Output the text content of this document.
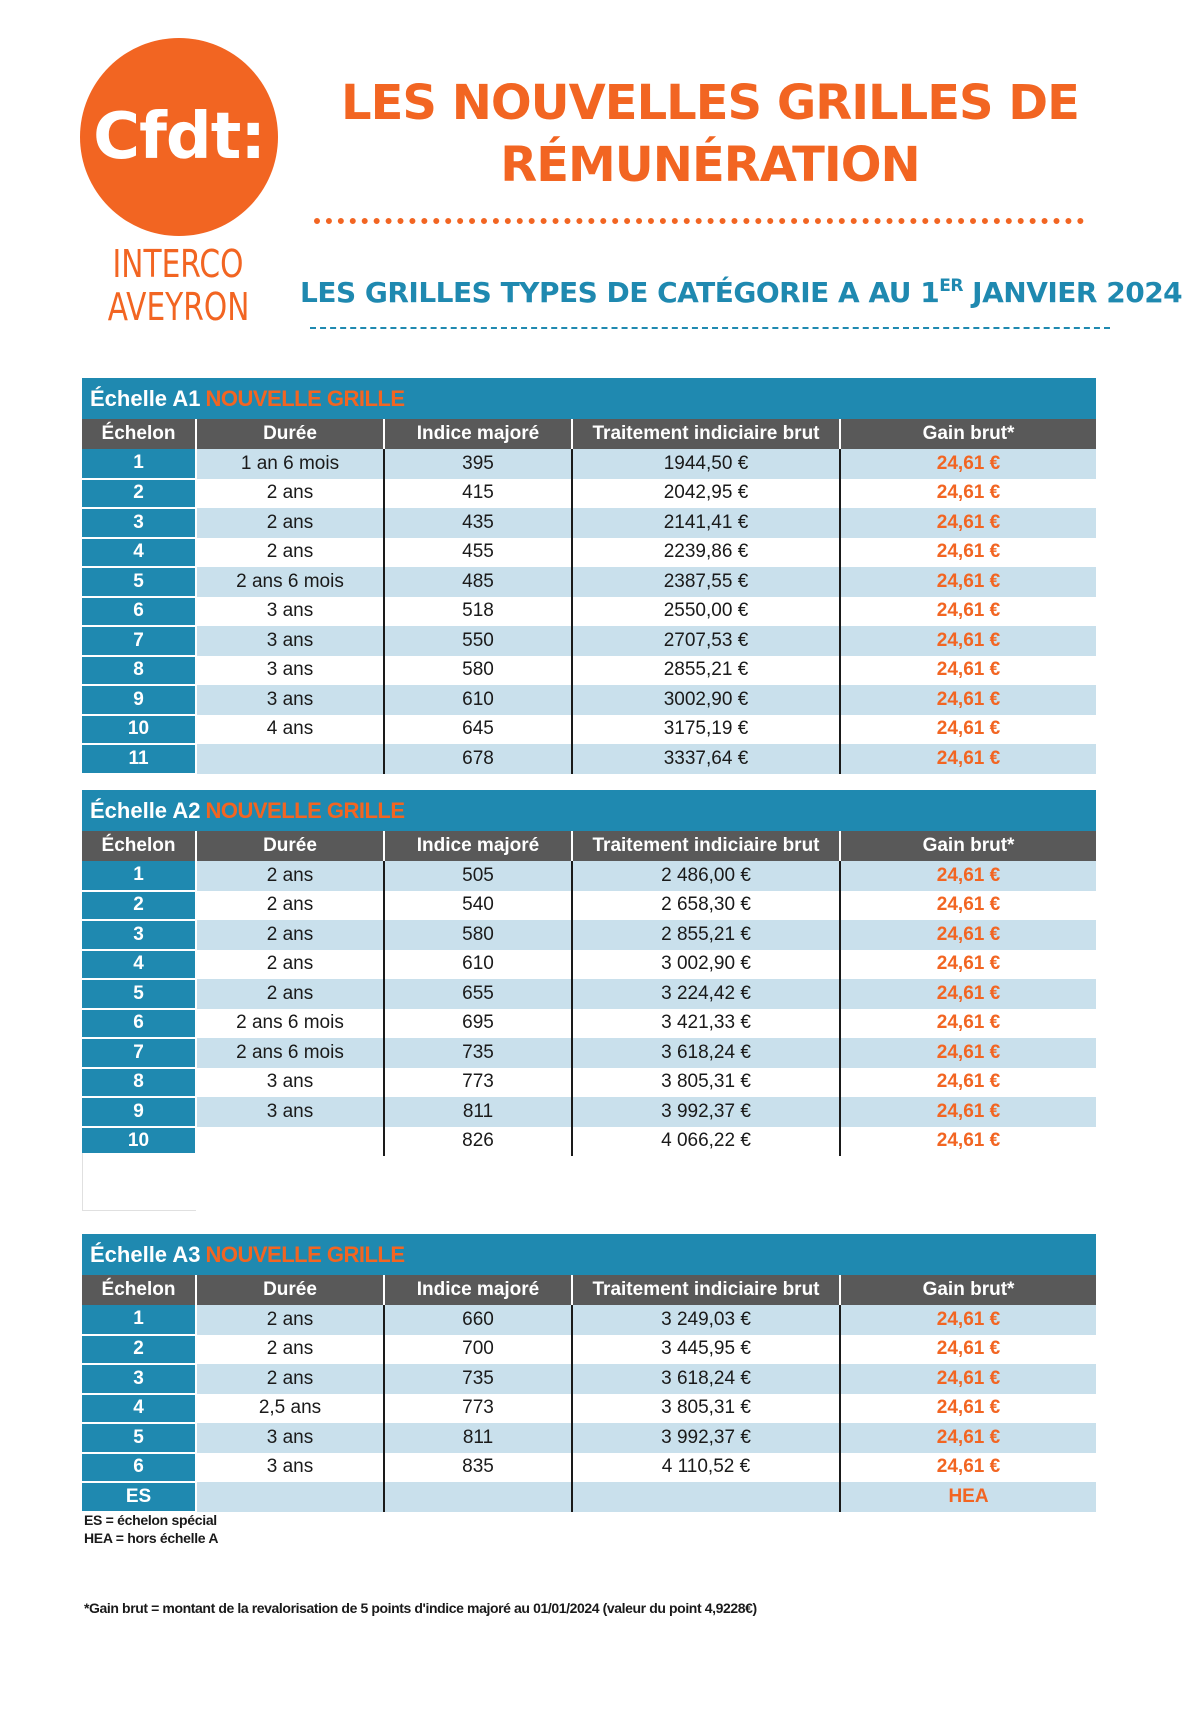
Cfdt:
INTERCO
AVEYRON
LES NOUVELLES GRILLES DE
RÉMUNÉRATION
LES GRILLES TYPES DE CATÉGORIE A AU 1ER JANVIER 2024
Échelle A1 NOUVELLE GRILLE
Échelon	Durée	Indice majoré	Traitement indiciaire brut	Gain brut*
1	1 an 6 mois	395	1944,50 €	24,61 €
2	2 ans	415	2042,95 €	24,61 €
3	2 ans	435	2141,41 €	24,61 €
4	2 ans	455	2239,86 €	24,61 €
5	2 ans 6 mois	485	2387,55 €	24,61 €
6	3 ans	518	2550,00 €	24,61 €
7	3 ans	550	2707,53 €	24,61 €
8	3 ans	580	2855,21 €	24,61 €
9	3 ans	610	3002,90 €	24,61 €
10	4 ans	645	3175,19 €	24,61 €
11		678	3337,64 €	24,61 €
Échelle A2 NOUVELLE GRILLE
Échelon	Durée	Indice majoré	Traitement indiciaire brut	Gain brut*
1	2 ans	505	2 486,00 €	24,61 €
2	2 ans	540	2 658,30 €	24,61 €
3	2 ans	580	2 855,21 €	24,61 €
4	2 ans	610	3 002,90 €	24,61 €
5	2 ans	655	3 224,42 €	24,61 €
6	2 ans 6 mois	695	3 421,33 €	24,61 €
7	2 ans 6 mois	735	3 618,24 €	24,61 €
8	3 ans	773	3 805,31 €	24,61 €
9	3 ans	811	3 992,37 €	24,61 €
10		826	4 066,22 €	24,61 €
Échelle A3 NOUVELLE GRILLE
Échelon	Durée	Indice majoré	Traitement indiciaire brut	Gain brut*
1	2 ans	660	3 249,03 €	24,61 €
2	2 ans	700	3 445,95 €	24,61 €
3	2 ans	735	3 618,24 €	24,61 €
4	2,5 ans	773	3 805,31 €	24,61 €
5	3 ans	811	3 992,37 €	24,61 €
6	3 ans	835	4 110,52 €	24,61 €
ES				HEA
ES = échelon spécial
HEA = hors échelle A
*Gain brut = montant de la revalorisation de 5 points d'indice majoré au 01/01/2024 (valeur du point 4,9228€)
